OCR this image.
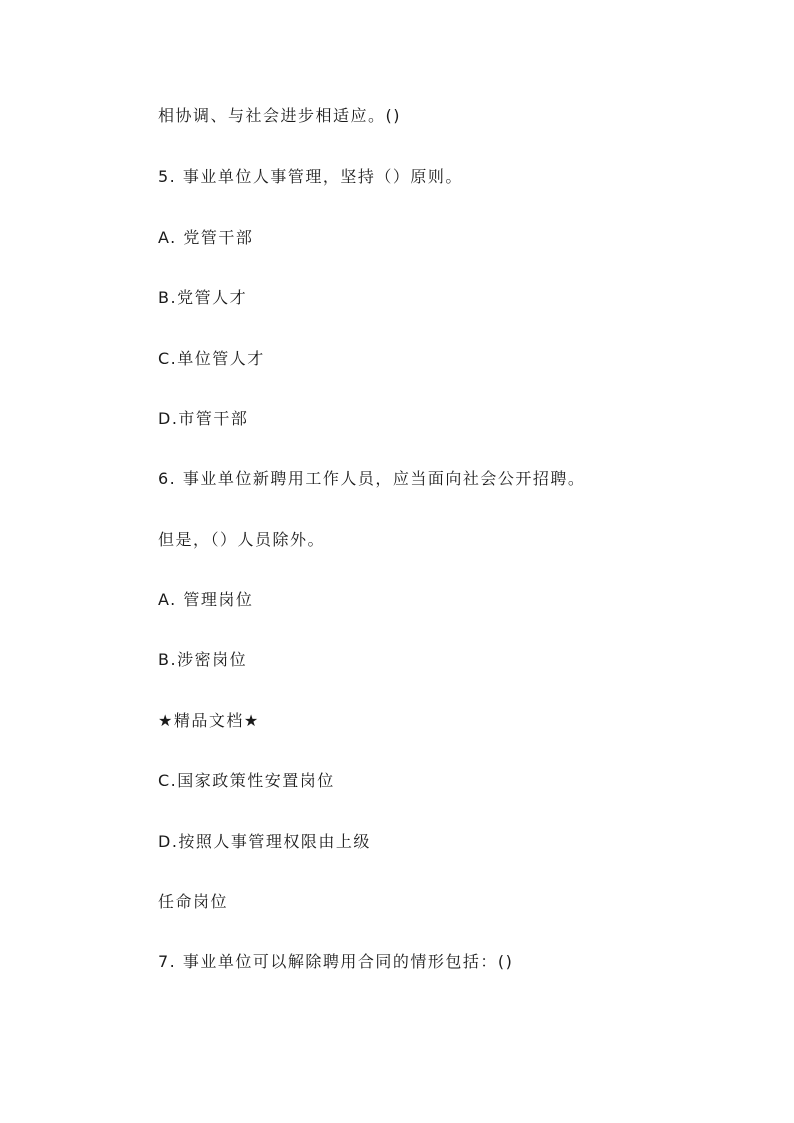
相协调、与社会进步相适应。()
5. 事业单位人事管理，坚持（）原则。
A. 党管干部
B.党管人才
C.单位管人才
D.市管干部
6. 事业单位新聘用工作人员，应当面向社会公开招聘。
但是，（）人员除外。
A. 管理岗位
B.涉密岗位
★精品文档★
C.国家政策性安置岗位
D.按照人事管理权限由上级
任命岗位
7. 事业单位可以解除聘用合同的情形包括：()
